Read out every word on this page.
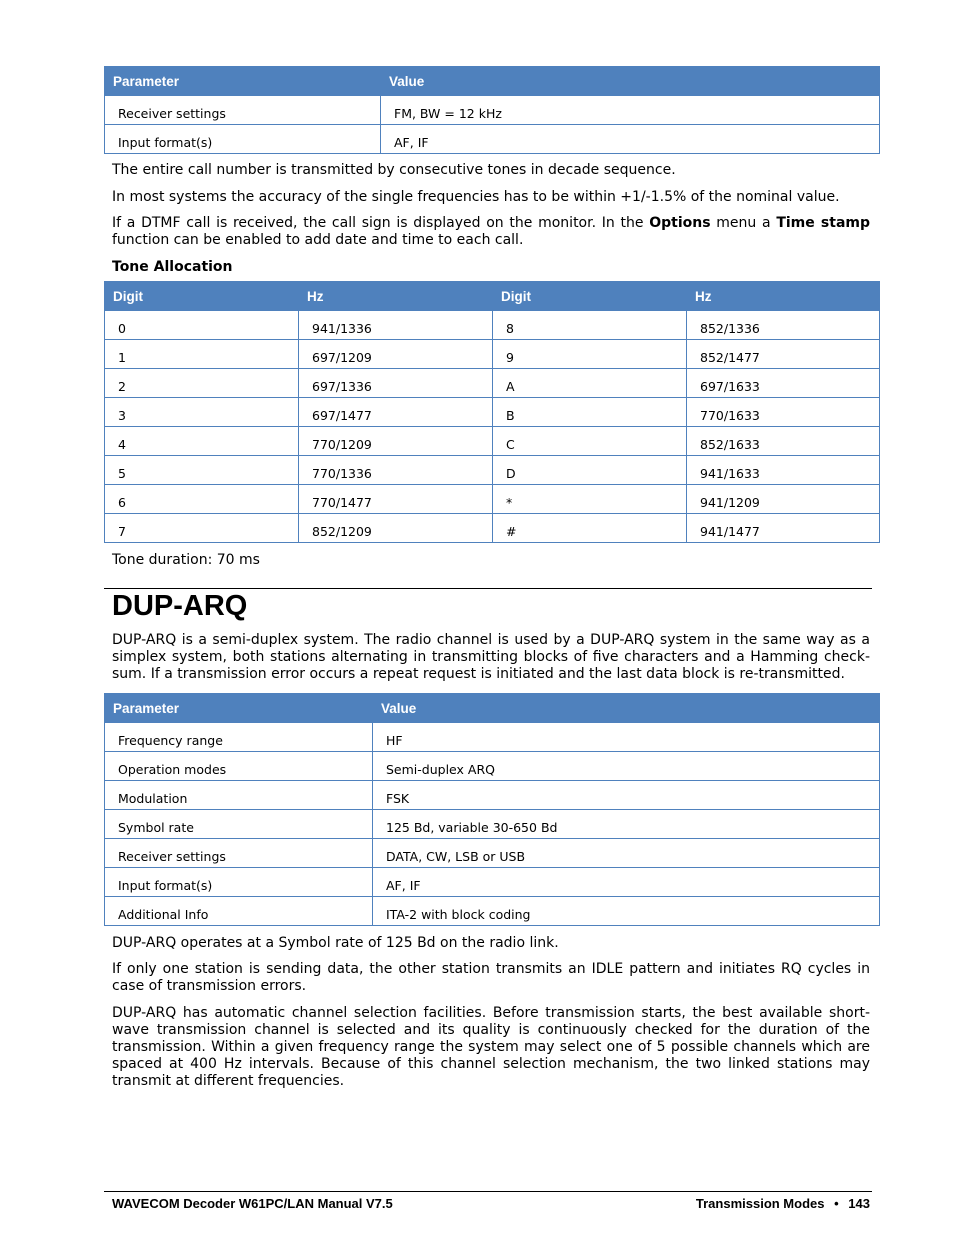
Parameter	Value
Receiver settings	FM, BW = 12 kHz
Input format(s)	AF, IF

The entire call number is transmitted by consecutive tones in decade sequence.

In most systems the accuracy of the single frequencies has to be within +1/-1.5% of the nominal value.

If a DTMF call is received, the call sign is displayed on the monitor. In the Options menu a Time stamp function can be enabled to add date and time to each call.

Tone Allocation

Digit	Hz	Digit	Hz
0	941/1336	8	852/1336
1	697/1209	9	852/1477
2	697/1336	A	697/1633
3	697/1477	B	770/1633
4	770/1209	C	852/1633
5	770/1336	D	941/1633
6	770/1477	*	941/1209
7	852/1209	#	941/1477

Tone duration: 70 ms

DUP-ARQ

DUP-ARQ is a semi-duplex system. The radio channel is used by a DUP-ARQ system in the same way as a simplex system, both stations alternating in transmitting blocks of five characters and a Hamming check-sum. If a transmission error occurs a repeat request is initiated and the last data block is re-transmitted.

Parameter	Value
Frequency range	HF
Operation modes	Semi-duplex ARQ
Modulation	FSK
Symbol rate	125 Bd, variable 30-650 Bd
Receiver settings	DATA, CW, LSB or USB
Input format(s)	AF, IF
Additional Info	ITA-2 with block coding

DUP-ARQ operates at a Symbol rate of 125 Bd on the radio link.

If only one station is sending data, the other station transmits an IDLE pattern and initiates RQ cycles in case of transmission errors.

DUP-ARQ has automatic channel selection facilities. Before transmission starts, the best available short-wave transmission channel is selected and its quality is continuously checked for the duration of the transmission. Within a given frequency range the system may select one of 5 possible channels which are spaced at 400 Hz intervals. Because of this channel selection mechanism, the two linked stations may transmit at different frequencies.

WAVECOM Decoder W61PC/LAN Manual V7.5	Transmission Modes • 143
